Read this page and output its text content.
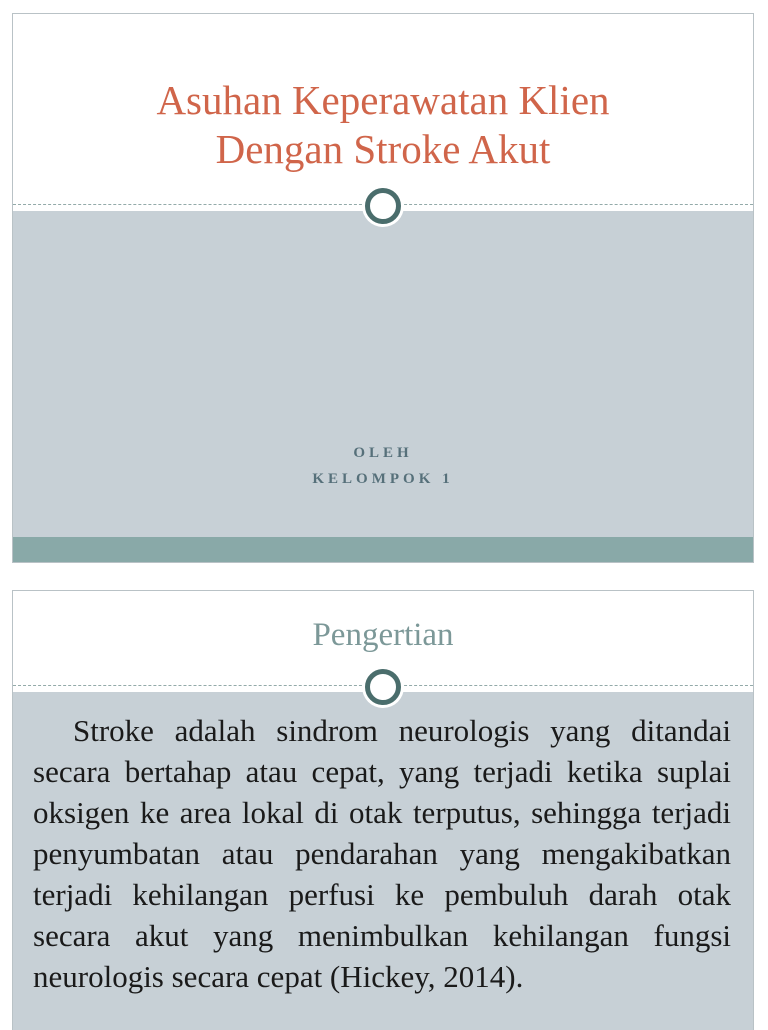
Asuhan Keperawatan Klien
Dengan Stroke Akut
OLEH
KELOMPOK 1
Pengertian

Stroke adalah sindrom neurologis yang ditandai secara bertahap atau cepat, yang terjadi ketika suplai oksigen ke area lokal di otak terputus, sehingga terjadi penyumbatan atau pendarahan yang mengakibatkan terjadi kehilangan perfusi ke pembuluh darah otak secara akut yang menimbulkan kehilangan fungsi neurologis secara cepat (Hickey, 2014).
